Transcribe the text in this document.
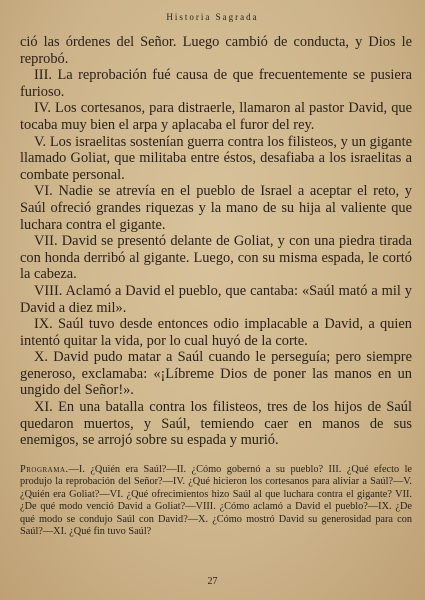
Historia Sagrada

ció las órdenes del Señor. Luego cambió de conducta, y Dios le reprobó.

III. La reprobación fué causa de que frecuentemente se pusiera furioso.

IV. Los cortesanos, para distraerle, llamaron al pastor David, que tocaba muy bien el arpa y aplacaba el furor del rey.

V. Los israelitas sostenían guerra contra los filisteos, y un gigante llamado Goliat, que militaba entre éstos, desafiaba a los israelitas a combate personal.

VI. Nadie se atrevía en el pueblo de Israel a aceptar el reto, y Saúl ofreció grandes riquezas y la mano de su hija al valiente que luchara contra el gigante.

VII. David se presentó delante de Goliat, y con una piedra tirada con honda derribó al gigante. Luego, con su misma espada, le cortó la cabeza.

VIII. Aclamó a David el pueblo, que cantaba: «Saúl mató a mil y David a diez mil».

IX. Saúl tuvo desde entonces odio implacable a David, a quien intentó quitar la vida, por lo cual huyó de la corte.

X. David pudo matar a Saúl cuando le perseguía; pero siempre generoso, exclamaba: «¡Líbreme Dios de poner las manos en un ungido del Señor!».

XI. En una batalla contra los filisteos, tres de los hijos de Saúl quedaron muertos, y Saúl, temiendo caer en manos de sus enemigos, se arrojó sobre su espada y murió.

Programa.—I. ¿Quién era Saúl?—II. ¿Cómo gobernó a su pueblo? III. ¿Qué efecto le produjo la reprobación del Señor?—IV. ¿Qué hicieron los cortesanos para aliviar a Saúl?—V. ¿Quién era Goliat?—VI. ¿Qué ofrecimientos hizo Saúl al que luchara contra el gigante? VII. ¿De qué modo venció David a Goliat?—VIII. ¿Cómo aclamó a David el pueblo?—IX. ¿De qué modo se condujo Saúl con David?—X. ¿Cómo mostró David su generosidad para con Saúl?—XI. ¿Qué fin tuvo Saúl?
27
